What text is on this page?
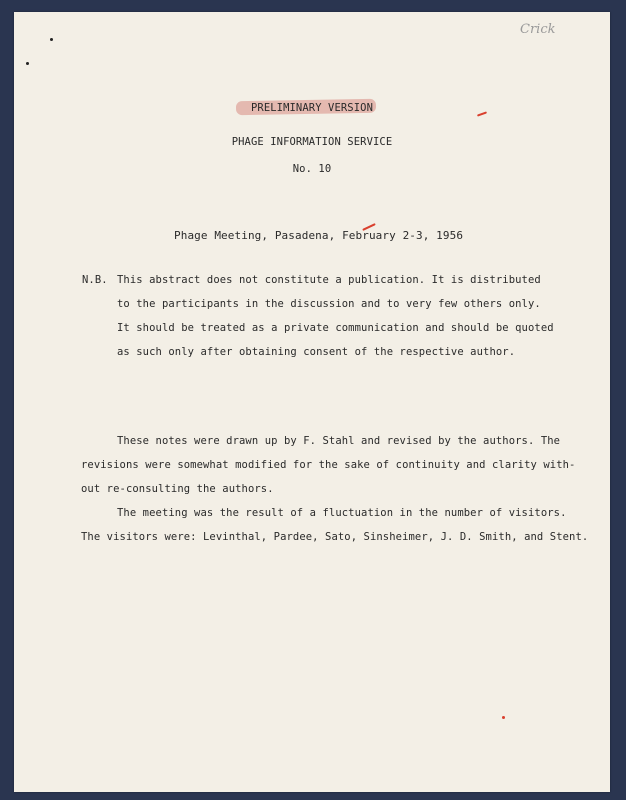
Crick
PRELIMINARY VERSION
PHAGE INFORMATION SERVICE
No. 10
Phage Meeting, Pasadena, February 2-3, 1956
N.B. This abstract does not constitute a publication. It is distributed
to the participants in the discussion and to very few others only.
It should be treated as a private communication and should be quoted
as such only after obtaining consent of the respective author.
These notes were drawn up by F. Stahl and revised by the authors. The
revisions were somewhat modified for the sake of continuity and clarity with-
out re-consulting the authors.
The meeting was the result of a fluctuation in the number of visitors.
The visitors were: Levinthal, Pardee, Sato, Sinsheimer, J. D. Smith, and Stent.
